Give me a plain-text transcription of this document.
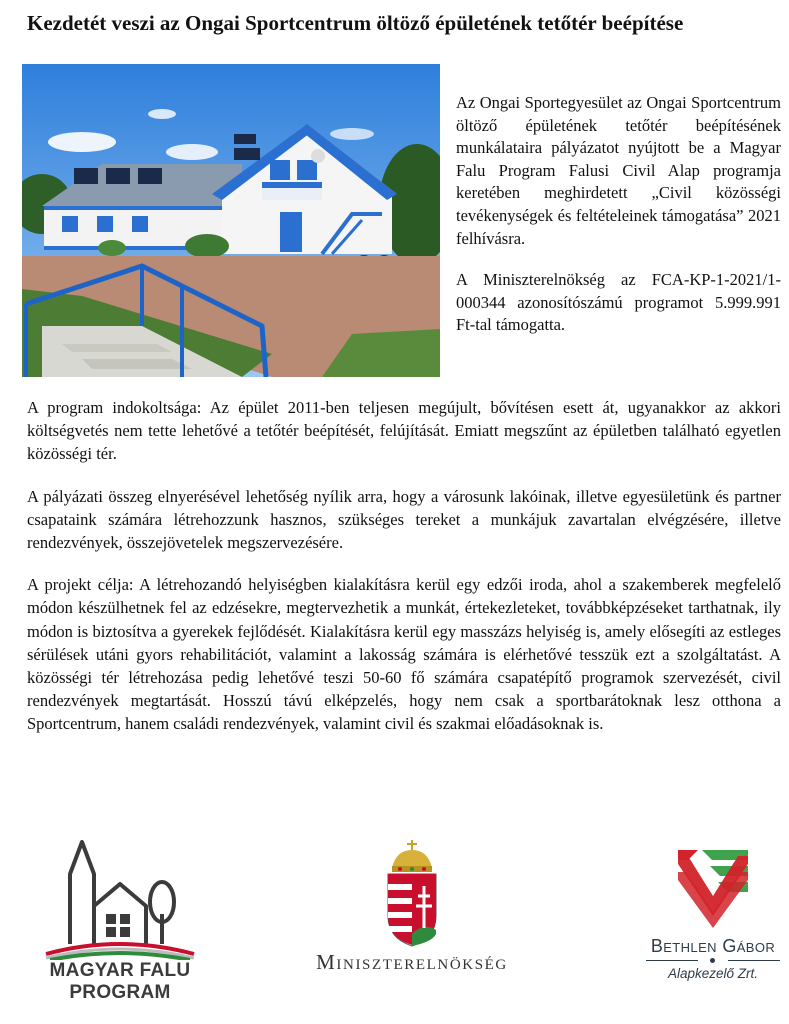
Kezdetét veszi az Ongai Sportcentrum öltöző épületének tetőtér beépítése

Az Ongai Sportegyesület az Ongai Sportcentrum öltöző épületének tetőtér beépítésének munkálataira pályázatot nyújtott be a Magyar Falu Program Falusi Civil Alap programja keretében meghirdetett „Civil közösségi tevékenységek és feltételeinek támogatása” 2021 felhívásra.

A Miniszterelnökség az FCA-KP-1-2021/1-000344 azonosítószámú programot 5.999.991 Ft-tal támogatta.

A program indokoltsága: Az épület 2011-ben teljesen megújult, bővítésen esett át, ugyanakkor az akkori költségvetés nem tette lehetővé a tetőtér beépítését, felújítását. Emiatt megszűnt az épületben található egyetlen közösségi tér.

A pályázati összeg elnyerésével lehetőség nyílik arra, hogy a városunk lakóinak, illetve egyesületünk és partner csapataink számára létrehozzunk hasznos, szükséges tereket a munkájuk zavartalan elvégzésére, illetve rendezvények, összejövetelek megszervezésére.

A projekt célja: A létrehozandó helyiségben kialakításra kerül egy edzői iroda, ahol a szakemberek megfelelő módon készülhetnek fel az edzésekre, megtervezhetik a munkát, értekezleteket, továbbképzéseket tarthatnak, ily módon is biztosítva a gyerekek fejlődését. Kialakításra kerül egy masszázs helyiség is, amely elősegíti az estleges sérülések utáni gyors rehabilitációt, valamint a lakosság számára is elérhetővé tesszük ezt a szolgáltatást. A közösségi tér létrehozása pedig lehetővé teszi 50-60 fő számára csapatépítő programok szervezését, civil rendezvények megtartását. Hosszú távú elképzelés, hogy nem csak a sportbarátoknak lesz otthona a Sportcentrum, hanem családi rendezvények, valamint civil és szakmai előadásoknak is.

MAGYAR FALU
PROGRAM
Miniszterelnökség
Bethlen Gábor
Alapkezelő Zrt.
